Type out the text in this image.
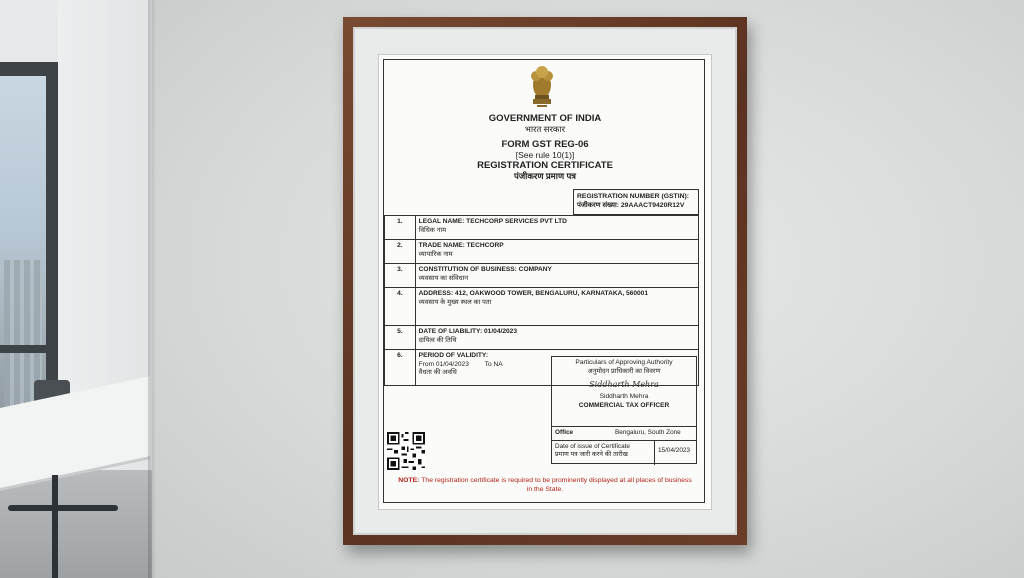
GOVERNMENT OF INDIA
भारत सरकार
FORM GST REG-06
[See rule 10(1)]
REGISTRATION CERTIFICATE
पंजीकरण प्रमाण पत्र
REGISTRATION NUMBER (GSTIN):
पंजीकरण संख्या: 29AAACT9420R12V
1.	LEGAL NAME: TECHCORP SERVICES PVT LTD
विधिक नाम

2.	TRADE NAME: TECHCORP
व्यापारिक नाम

3.	CONSTITUTION OF BUSINESS: COMPANY
व्यवसाय का संविधान

4.	ADDRESS: 412, OAKWOOD TOWER, BENGALURU, KARNATAKA, 560001
व्यवसाय के मुख्य स्थल का पता

5.	DATE OF LIABILITY: 01/04/2023
दायित्व की तिथि

6.	PERIOD OF VALIDITY:
From 01/04/2023 To NA
वैधता की अवधि
Particulars of Approving Authority
अनुमोदन प्राधिकारी का विवरण
Siddharth Mehra
Siddharth Mehra
COMMERCIAL TAX OFFICER
Office	Bengaluru, South Zone
Date of issue of Certificate
प्रमाण पत्र जारी करने की तारीख
15/04/2023
NOTE: The registration certificate is required to be prominently displayed at all places of business in the State.
